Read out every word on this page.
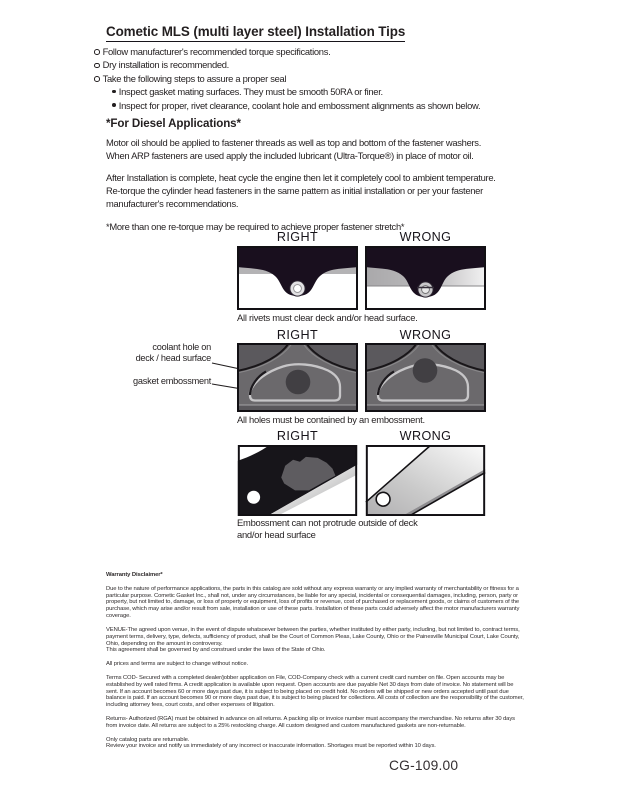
Cometic MLS (multi layer steel) Installation Tips
Follow manufacturer's recommended torque specifications.
Dry installation is recommended.
Take the following steps to assure a proper seal
Inspect gasket mating surfaces. They must be smooth 50RA or finer.
Inspect for proper, rivet clearance, coolant hole and embossment alignments as shown below.
*For Diesel Applications*
Motor oil should be applied to fastener threads as well as top and bottom of the fastener washers. When ARP fasteners are used apply the included lubricant (Ultra-Torque®) in place of motor oil.
After Installation is complete, heat cycle the engine then let it completely cool to ambient temperature. Re-torque the cylinder head fasteners in the same pattern as initial installation or per your fastener manufacturer's recommendations.
*More than one re-torque may be required to achieve proper fastener stretch*
RIGHT	WRONG
All rivets must clear deck and/or head surface.
RIGHT	WRONG
coolant hole on
deck / head surface
gasket embossment
All holes must be contained by an embossment.
RIGHT	WRONG
Embossment can not protrude outside of deck and/or head surface

Warranty Disclaimer*

Due to the nature of performance applications, the parts in this catalog are sold without any express warranty or any implied warranty of merchantability or fitness for a particular purpose. Cometic Gasket Inc., shall not, under any circumstances, be liable for any special, incidental or consequential damages, including, person, party or property, but not limited to, damage, or loss of property or equipment, loss of profits or revenue, cost of purchased or replacement goods, or claims of customers of the purchase, which may arise and/or result from sale, installation or use of these parts. Installation of these parts could adversely affect the motor manufacturers warranty coverage.

VENUE-The agreed upon venue, in the event of dispute whatsoever between the parties, whether instituted by either party, including, but not limited to, contract terms, payment terms, delivery, type, defects, sufficiency of product, shall be the Court of Common Pleas, Lake County, Ohio or the Painesville Municipal Court, Lake County, Ohio, depending on the amount in controversy.

This agreement shall be governed by and construed under the laws of the State of Ohio.

All prices and terms are subject to change without notice.

Terms COD- Secured with a completed dealer/jobber application on File, COD-Company check with a current credit card number on file. Open accounts may be established by well rated firms. A credit application is available upon request. Open accounts are due payable Net 30 days from date of invoice. No statement will be sent. If an account becomes 60 or more days past due, it is subject to being placed on credit hold. No orders will be shipped or new orders accepted until past due balance is paid. If an account becomes 90 or more days past due, it is subject to being placed for collections. All costs of collection are the responsibility of the customer, including attorney fees, court costs, and other expenses of litigation.

Returns- Authorized (RGA) must be obtained in advance on all returns. A packing slip or invoice number must accompany the merchandise. No returns after 30 days from invoice date. All returns are subject to a 25% restocking charge. All custom designed and custom manufactured gaskets are non-returnable.

Only catalog parts are returnable.

Review your invoice and notify us immediately of any incorrect or inaccurate information. Shortages must be reported within 10 days.

CG-109.00
